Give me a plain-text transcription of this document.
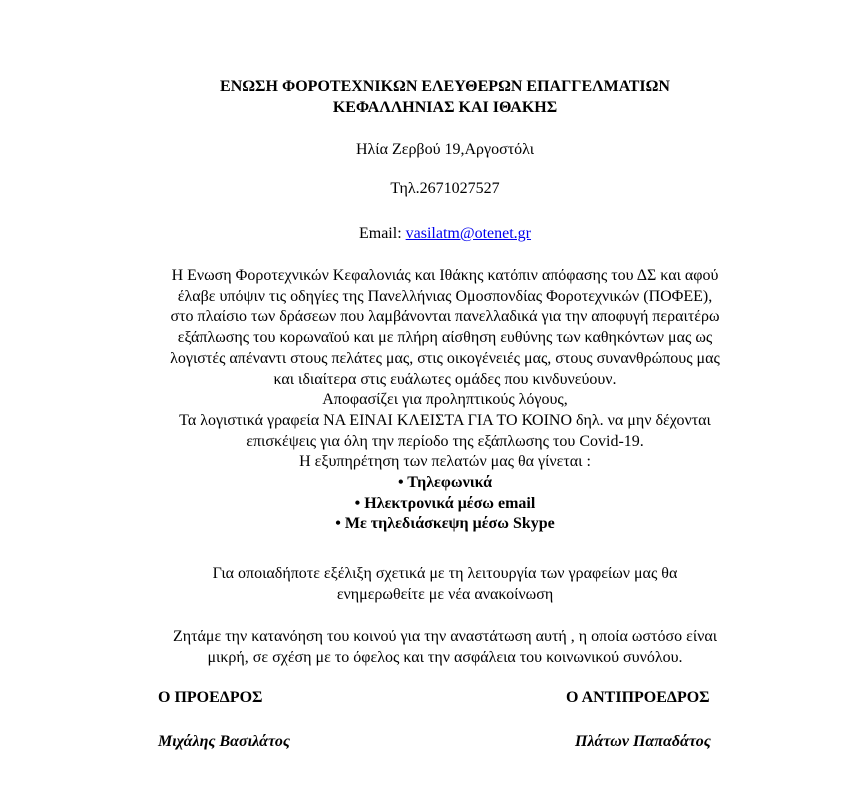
ΕΝΩΣΗ ΦΟΡΟΤΕΧΝΙΚΩΝ ΕΛΕΥΘΕΡΩΝ ΕΠΑΓΓΕΛΜΑΤΙΩΝ
ΚΕΦΑΛΛΗΝΙΑΣ ΚΑΙ ΙΘΑΚΗΣ
Ηλία Ζερβού 19,Αργοστόλι
Τηλ.2671027527
Email: vasilatm@otenet.gr
Η Ενωση Φοροτεχνικών Κεφαλονιάς και Ιθάκης κατόπιν απόφασης του ΔΣ και αφού
έλαβε υπόψιν τις οδηγίες της Πανελλήνιας Ομοσπονδίας Φοροτεχνικών (ΠΟΦΕΕ),
στο πλαίσιο των δράσεων που λαμβάνονται πανελλαδικά για την αποφυγή περαιτέρω
εξάπλωσης του κορωναϊού και με πλήρη αίσθηση ευθύνης των καθηκόντων μας ως
λογιστές απέναντι στους πελάτες μας, στις οικογένειές μας, στους συνανθρώπους μας
και ιδιαίτερα στις ευάλωτες ομάδες που κινδυνεύουν.
Αποφασίζει για προληπτικούς λόγους,
Τα λογιστικά γραφεία ΝΑ ΕΙΝΑΙ ΚΛΕΙΣΤΑ ΓΙΑ ΤΟ ΚΟΙΝΟ δηλ. να μην δέχονται
επισκέψεις για όλη την περίοδο της εξάπλωσης του Covid-19.
Η εξυπηρέτηση των πελατών μας θα γίνεται :
• Τηλεφωνικά
• Ηλεκτρονικά μέσω email
• Με τηλεδιάσκεψη μέσω Skype
Για οποιαδήποτε εξέλιξη σχετικά με τη λειτουργία των γραφείων μας θα
ενημερωθείτε με νέα ανακοίνωση
Ζητάμε την κατανόηση του κοινού για την αναστάτωση αυτή , η οποία ωστόσο είναι
μικρή, σε σχέση με το όφελος και την ασφάλεια του κοινωνικού συνόλου.
Ο ΠΡΟΕΔΡΟΣ	Ο ΑΝΤΙΠΡΟΕΔΡΟΣ
Μιχάλης Βασιλάτος	Πλάτων Παπαδάτος
